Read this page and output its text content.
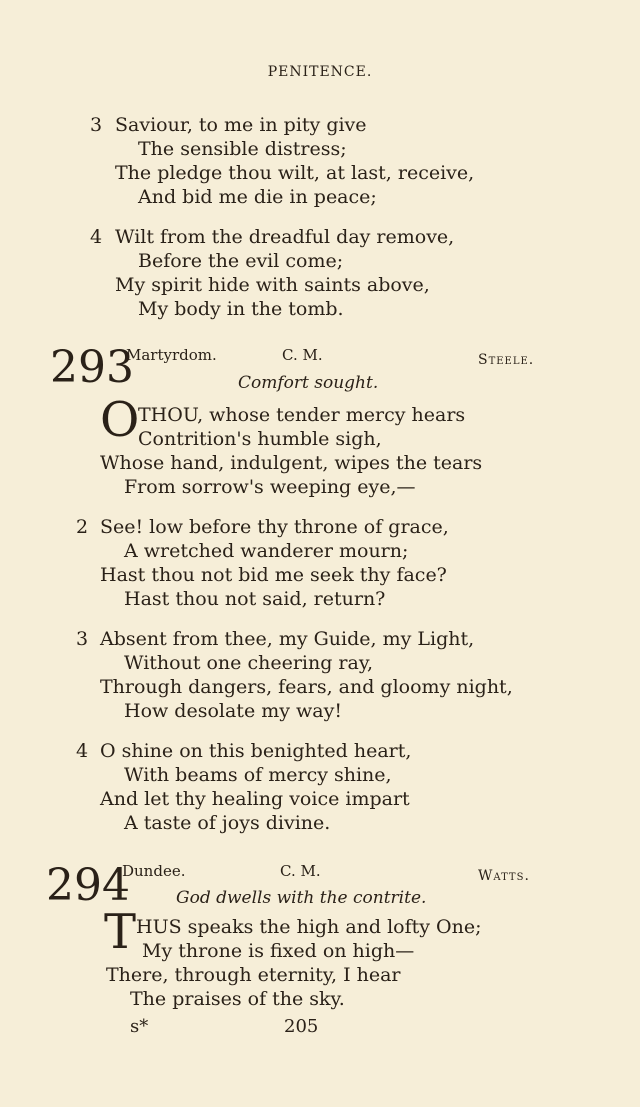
PENITENCE.
3 Saviour, to me in pity give
The sensible distress;
The pledge thou wilt, at last, receive,
And bid me die in peace;
4 Wilt from the dreadful day remove,
Before the evil come;
My spirit hide with saints above,
My body in the tomb.
293
Martyrdom.	C. M.	Steele.
Comfort sought.
O
THOU, whose tender mercy hears
Contrition's humble sigh,
Whose hand, indulgent, wipes the tears
From sorrow's weeping eye,—
2 See! low before thy throne of grace,
A wretched wanderer mourn;
Hast thou not bid me seek thy face?
Hast thou not said, return?
3 Absent from thee, my Guide, my Light,
Without one cheering ray,
Through dangers, fears, and gloomy night,
How desolate my way!
4 O shine on this benighted heart,
With beams of mercy shine,
And let thy healing voice impart
A taste of joys divine.
294
Dundee.	C. M.	Watts.
God dwells with the contrite.
T HUS speaks the high and lofty One;
My throne is fixed on high—
There, through eternity, I hear
The praises of the sky.
s*	205
